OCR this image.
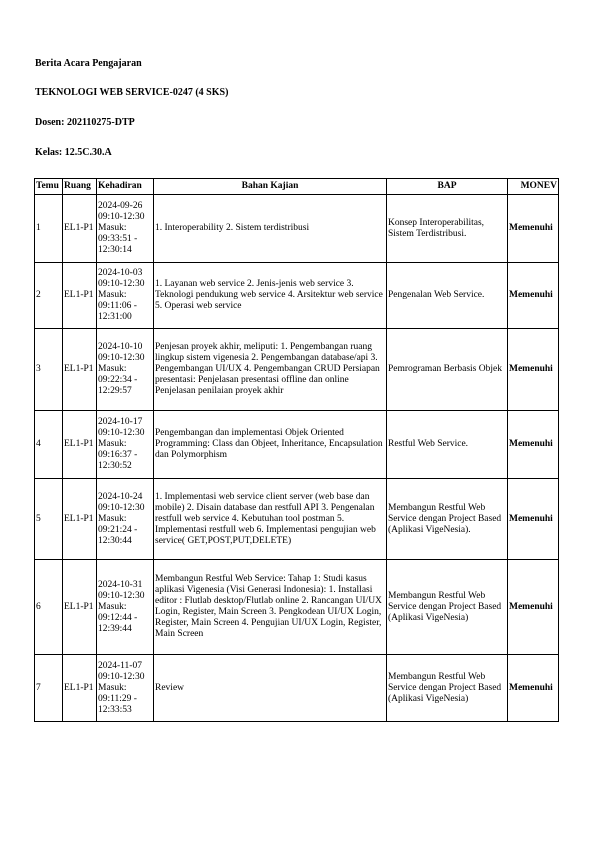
Berita Acara Pengajaran
TEKNOLOGI WEB SERVICE-0247 (4 SKS)
Dosen: 202110275-DTP
Kelas: 12.5C.30.A
Temu	Ruang	Kehadiran	Bahan Kajian	BAP	MONEV
1	EL1-P1	2024-09-26 09:10-12:30 Masuk: 09:33:51 - 12:30:14	1. Interoperability 2. Sistem terdistribusi	Konsep Interoperabilitas, Sistem Terdistribusi.	Memenuhi
2	EL1-P1	2024-10-03 09:10-12:30 Masuk: 09:11:06 - 12:31:00	1. Layanan web service 2. Jenis-jenis web service 3. Teknologi pendukung web service 4. Arsitektur web service 5. Operasi web service	Pengenalan Web Service.	Memenuhi
3	EL1-P1	2024-10-10 09:10-12:30 Masuk: 09:22:34 - 12:29:57	Penjesan proyek akhir, meliputi: 1. Pengembangan ruang lingkup sistem vigenesia 2. Pengembangan database/api 3. Pengembangan UI/UX 4. Pengembangan CRUD Persiapan presentasi: Penjelasan presentasi offline dan online Penjelasan penilaian proyek akhir	Pemrograman Berbasis Objek	Memenuhi
4	EL1-P1	2024-10-17 09:10-12:30 Masuk: 09:16:37 - 12:30:52	Pengembangan dan implementasi Objek Oriented Programming: Class dan Objeet, Inheritance, Encapsulation dan Polymorphism	Restful Web Service.	Memenuhi
5	EL1-P1	2024-10-24 09:10-12:30 Masuk: 09:21:24 - 12:30:44	1. Implementasi web service client server (web base dan mobile) 2. Disain database dan restfull API 3. Pengenalan restfull web service 4. Kebutuhan tool postman 5. Implementasi restfull web 6. Implementasi pengujian web service( GET,POST,PUT,DELETE)	Membangun Restful Web Service dengan Project Based (Aplikasi VigeNesia).	Memenuhi
6	EL1-P1	2024-10-31 09:10-12:30 Masuk: 09:12:44 - 12:39:44	Membangun Restful Web Service: Tahap 1: Studi kasus aplikasi Vigenesia (Visi Generasi Indonesia): 1. Installasi editor : Flutlab desktop/Flutlab online 2. Rancangan UI/UX Login, Register, Main Screen 3. Pengkodean UI/UX Login, Register, Main Screen 4. Pengujian UI/UX Login, Register, Main Screen	Membangun Restful Web Service dengan Project Based (Aplikasi VigeNesia)	Memenuhi
7	EL1-P1	2024-11-07 09:10-12:30 Masuk: 09:11:29 - 12:33:53	Review	Membangun Restful Web Service dengan Project Based (Aplikasi VigeNesia)	Memenuhi
